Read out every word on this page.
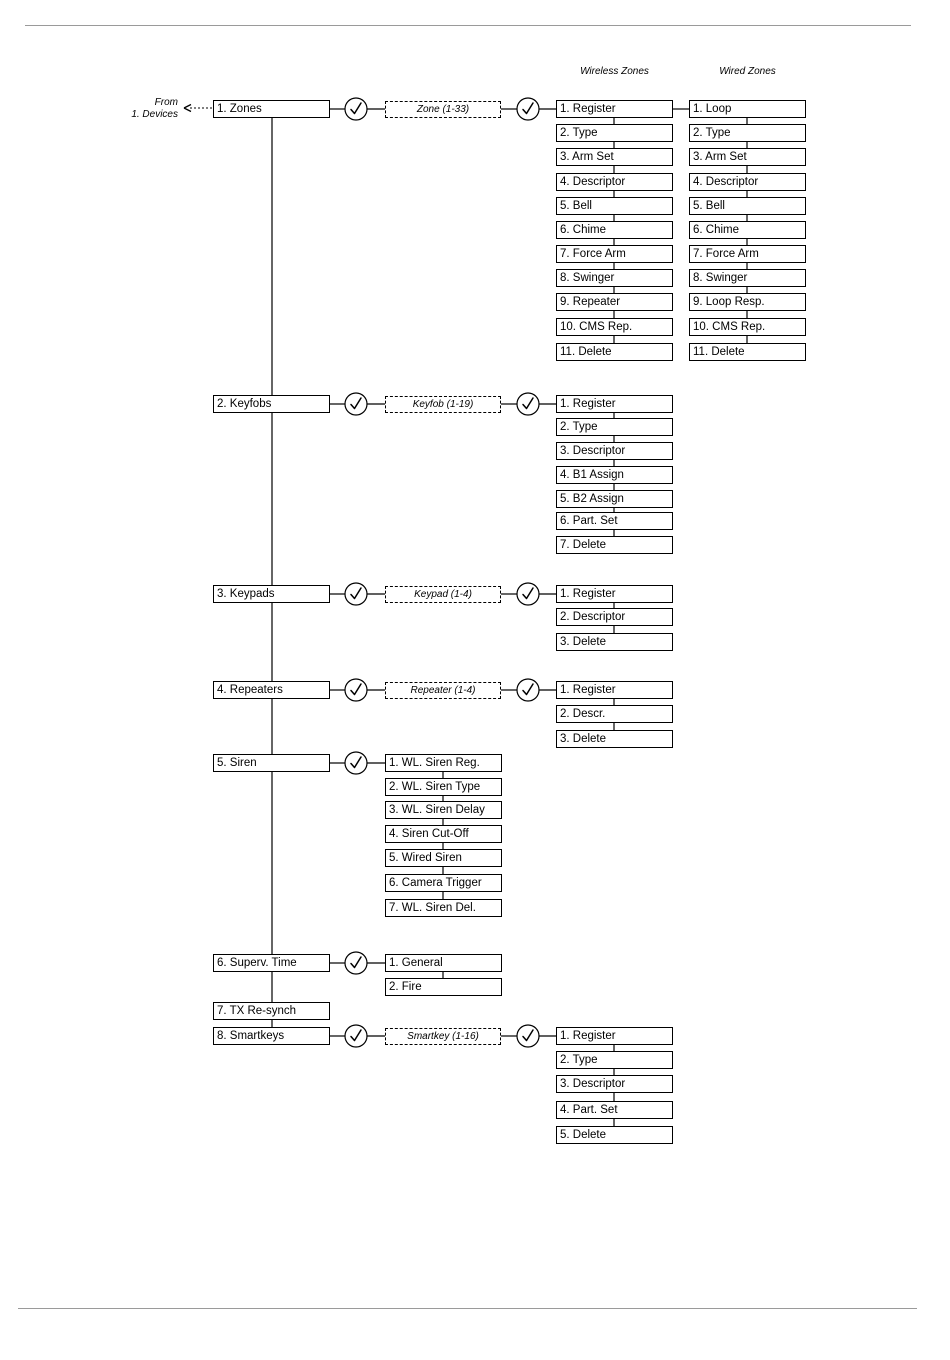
Wireless Zones	Wired Zones
From
1. Devices	1. Zones	Zone (1-33)	1. Register
2. Type
3. Arm Set
4. Descriptor
5. Bell
6. Chime
7. Force Arm
8. Swinger
9. Repeater
10. CMS Rep.
11. Delete
1. Loop
2. Type
3. Arm Set
4. Descriptor
5. Bell
6. Chime
7. Force Arm
8. Swinger
9. Loop Resp.
10. CMS Rep.
11. Delete
2. Keyfobs	Keyfob (1-19)	1. Register
2. Type
3. Descriptor
4. B1 Assign
5. B2 Assign
6. Part. Set
7. Delete
3. Keypads	Keypad (1-4)	1. Register
2. Descriptor
3. Delete
4. Repeaters	Repeater (1-4)	1. Register
2. Descr.
3. Delete
5. Siren	1. WL. Siren Reg.
2. WL. Siren Type
3. WL. Siren Delay
4. Siren Cut-Off
5. Wired Siren
6. Camera Trigger
7. WL. Siren Del.
6. Superv. Time	1. General
2. Fire
7. TX Re-synch
8. Smartkeys	Smartkey (1-16)	1. Register
2. Type
3. Descriptor
4. Part. Set
5. Delete
